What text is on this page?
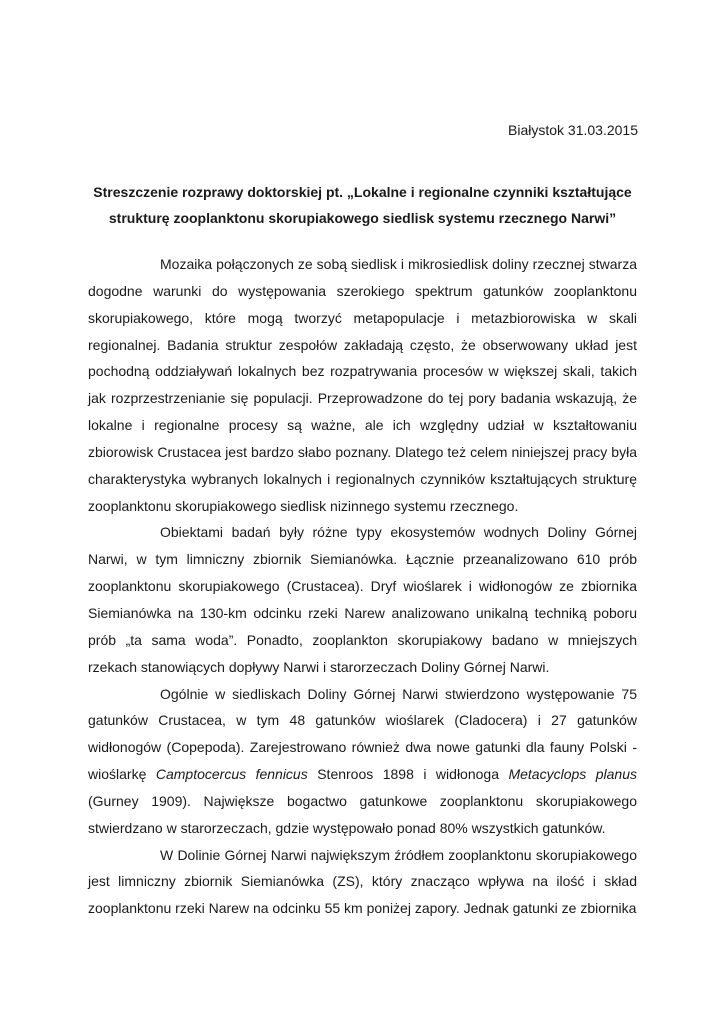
Białystok 31.03.2015
Streszczenie rozprawy doktorskiej pt. „Lokalne i regionalne czynniki kształtujące strukturę zooplanktonu skorupiakowego siedlisk systemu rzecznego Narwi”

Mozaika połączonych ze sobą siedlisk i mikrosiedlisk doliny rzecznej stwarza dogodne warunki do występowania szerokiego spektrum gatunków zooplanktonu skorupiakowego, które mogą tworzyć metapopulacje i metazbiorowiska w skali regionalnej. Badania struktur zespołów zakładają często, że obserwowany układ jest pochodną oddziaływań lokalnych bez rozpatrywania procesów w większej skali, takich jak rozprzestrzenianie się populacji. Przeprowadzone do tej pory badania wskazują, że lokalne i regionalne procesy są ważne, ale ich względny udział w kształtowaniu zbiorowisk Crustacea jest bardzo słabo poznany. Dlatego też celem niniejszej pracy była charakterystyka wybranych lokalnych i regionalnych czynników kształtujących strukturę zooplanktonu skorupiakowego siedlisk nizinnego systemu rzecznego.

Obiektami badań były różne typy ekosystemów wodnych Doliny Górnej Narwi, w tym limniczny zbiornik Siemianówka. Łącznie przeanalizowano 610 prób zooplanktonu skorupiakowego (Crustacea). Dryf wioślarek i widłonogów ze zbiornika Siemianówka na 130-km odcinku rzeki Narew analizowano unikalną techniką poboru prób „ta sama woda”. Ponadto, zooplankton skorupiakowy badano w mniejszych rzekach stanowiących dopływy Narwi i starorzeczach Doliny Górnej Narwi.

Ogólnie w siedliskach Doliny Górnej Narwi stwierdzono występowanie 75 gatunków Crustacea, w tym 48 gatunków wioślarek (Cladocera) i 27 gatunków widłonogów (Copepoda). Zarejestrowano również dwa nowe gatunki dla fauny Polski - wioślarkę Camptocercus fennicus Stenroos 1898 i widłonoga Metacyclops planus (Gurney 1909). Największe bogactwo gatunkowe zooplanktonu skorupiakowego stwierdzano w starorzeczach, gdzie występowało ponad 80% wszystkich gatunków.

W Dolinie Górnej Narwi największym źródłem zooplanktonu skorupiakowego jest limniczny zbiornik Siemianówka (ZS), który znacząco wpływa na ilość i skład zooplanktonu rzeki Narew na odcinku 55 km poniżej zapory. Jednak gatunki ze zbiornika
